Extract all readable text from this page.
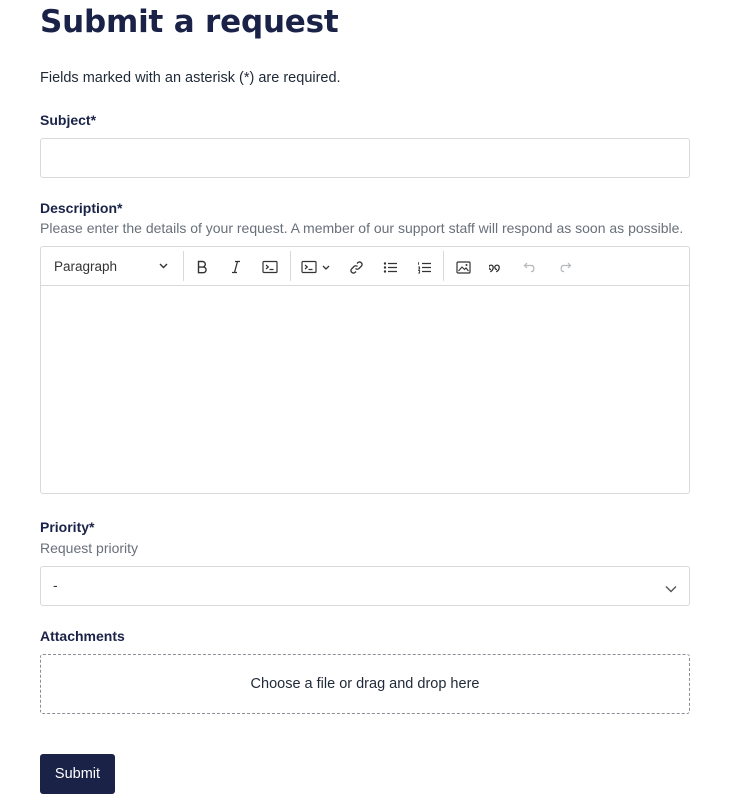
Submit a request
Fields marked with an asterisk (*) are required.
Subject*
Description*
Please enter the details of your request. A member of our support staff will respond as soon as possible.
Paragraph
Priority*
Request priority
-
Attachments
Choose a file or drag and drop here
Submit
